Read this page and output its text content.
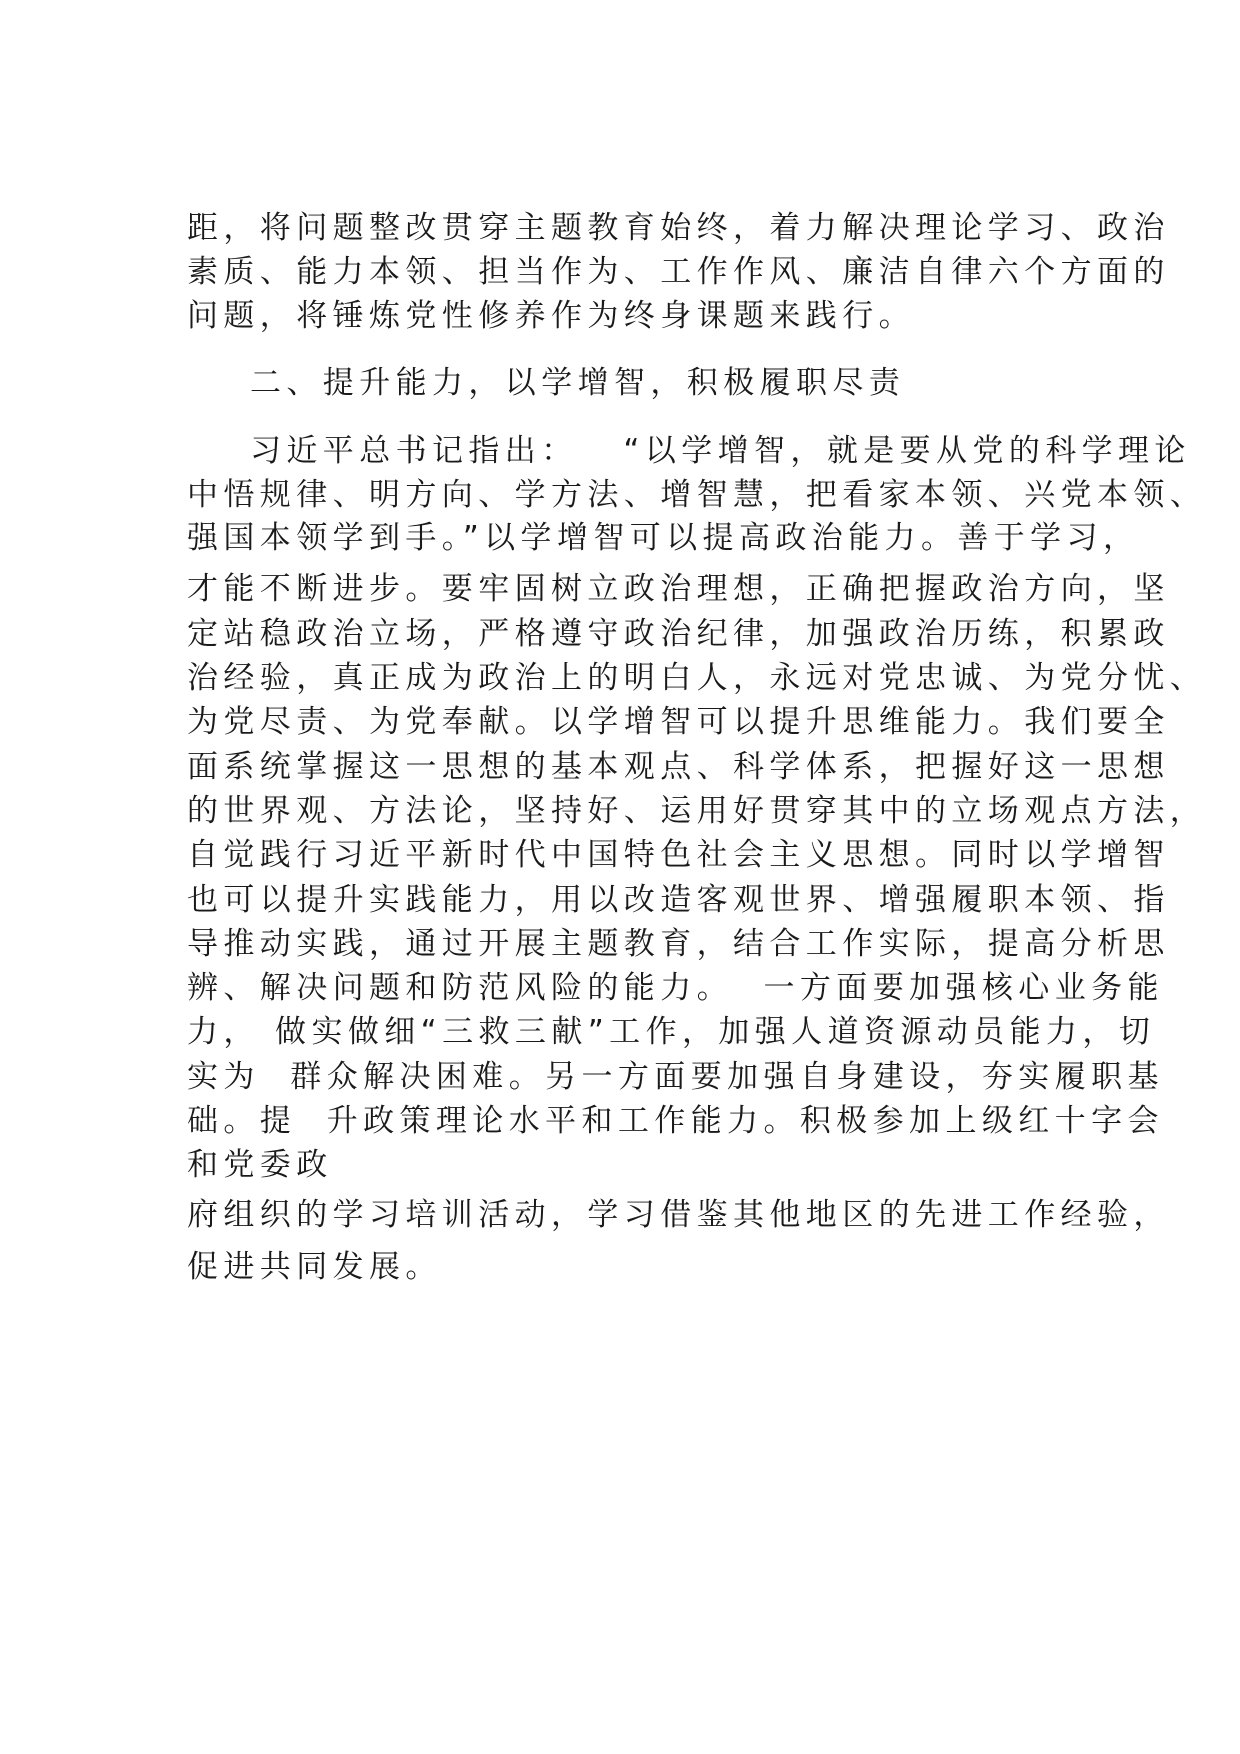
距，将问题整改贯穿主题教育始终，着力解决理论学习、政治
素质、能力本领、担当作为、工作作风、廉洁自律六个方面的
问题，将锤炼党性修养作为终身课题来践行。
二、提升能力，以学增智，积极履职尽责
习近平总书记指出：   “以学增智，就是要从党的科学理论
中悟规律、明方向、学方法、增智慧，把看家本领、兴党本领、
强国本领学到手。”以学增智可以提高政治能力。善于学习，
才能不断进步。要牢固树立政治理想，正确把握政治方向，坚
定站稳政治立场，严格遵守政治纪律，加强政治历练，积累政
治经验，真正成为政治上的明白人，永远对党忠诚、为党分忧、
为党尽责、为党奉献。以学增智可以提升思维能力。我们要全
面系统掌握这一思想的基本观点、科学体系，把握好这一思想
的世界观、方法论，坚持好、运用好贯穿其中的立场观点方法，
自觉践行习近平新时代中国特色社会主义思想。同时以学增智
也可以提升实践能力，用以改造客观世界、增强履职本领、指
导推动实践，通过开展主题教育，结合工作实际，提高分析思
辨、解决问题和防范风险的能力。  一方面要加强核心业务能
力， 做实做细“三救三献”工作，加强人道资源动员能力，切
实为  群众解决困难。另一方面要加强自身建设，夯实履职基
础。提  升政策理论水平和工作能力。积极参加上级红十字会
和党委政
府组织的学习培训活动，学习借鉴其他地区的先进工作经验，
促进共同发展。
